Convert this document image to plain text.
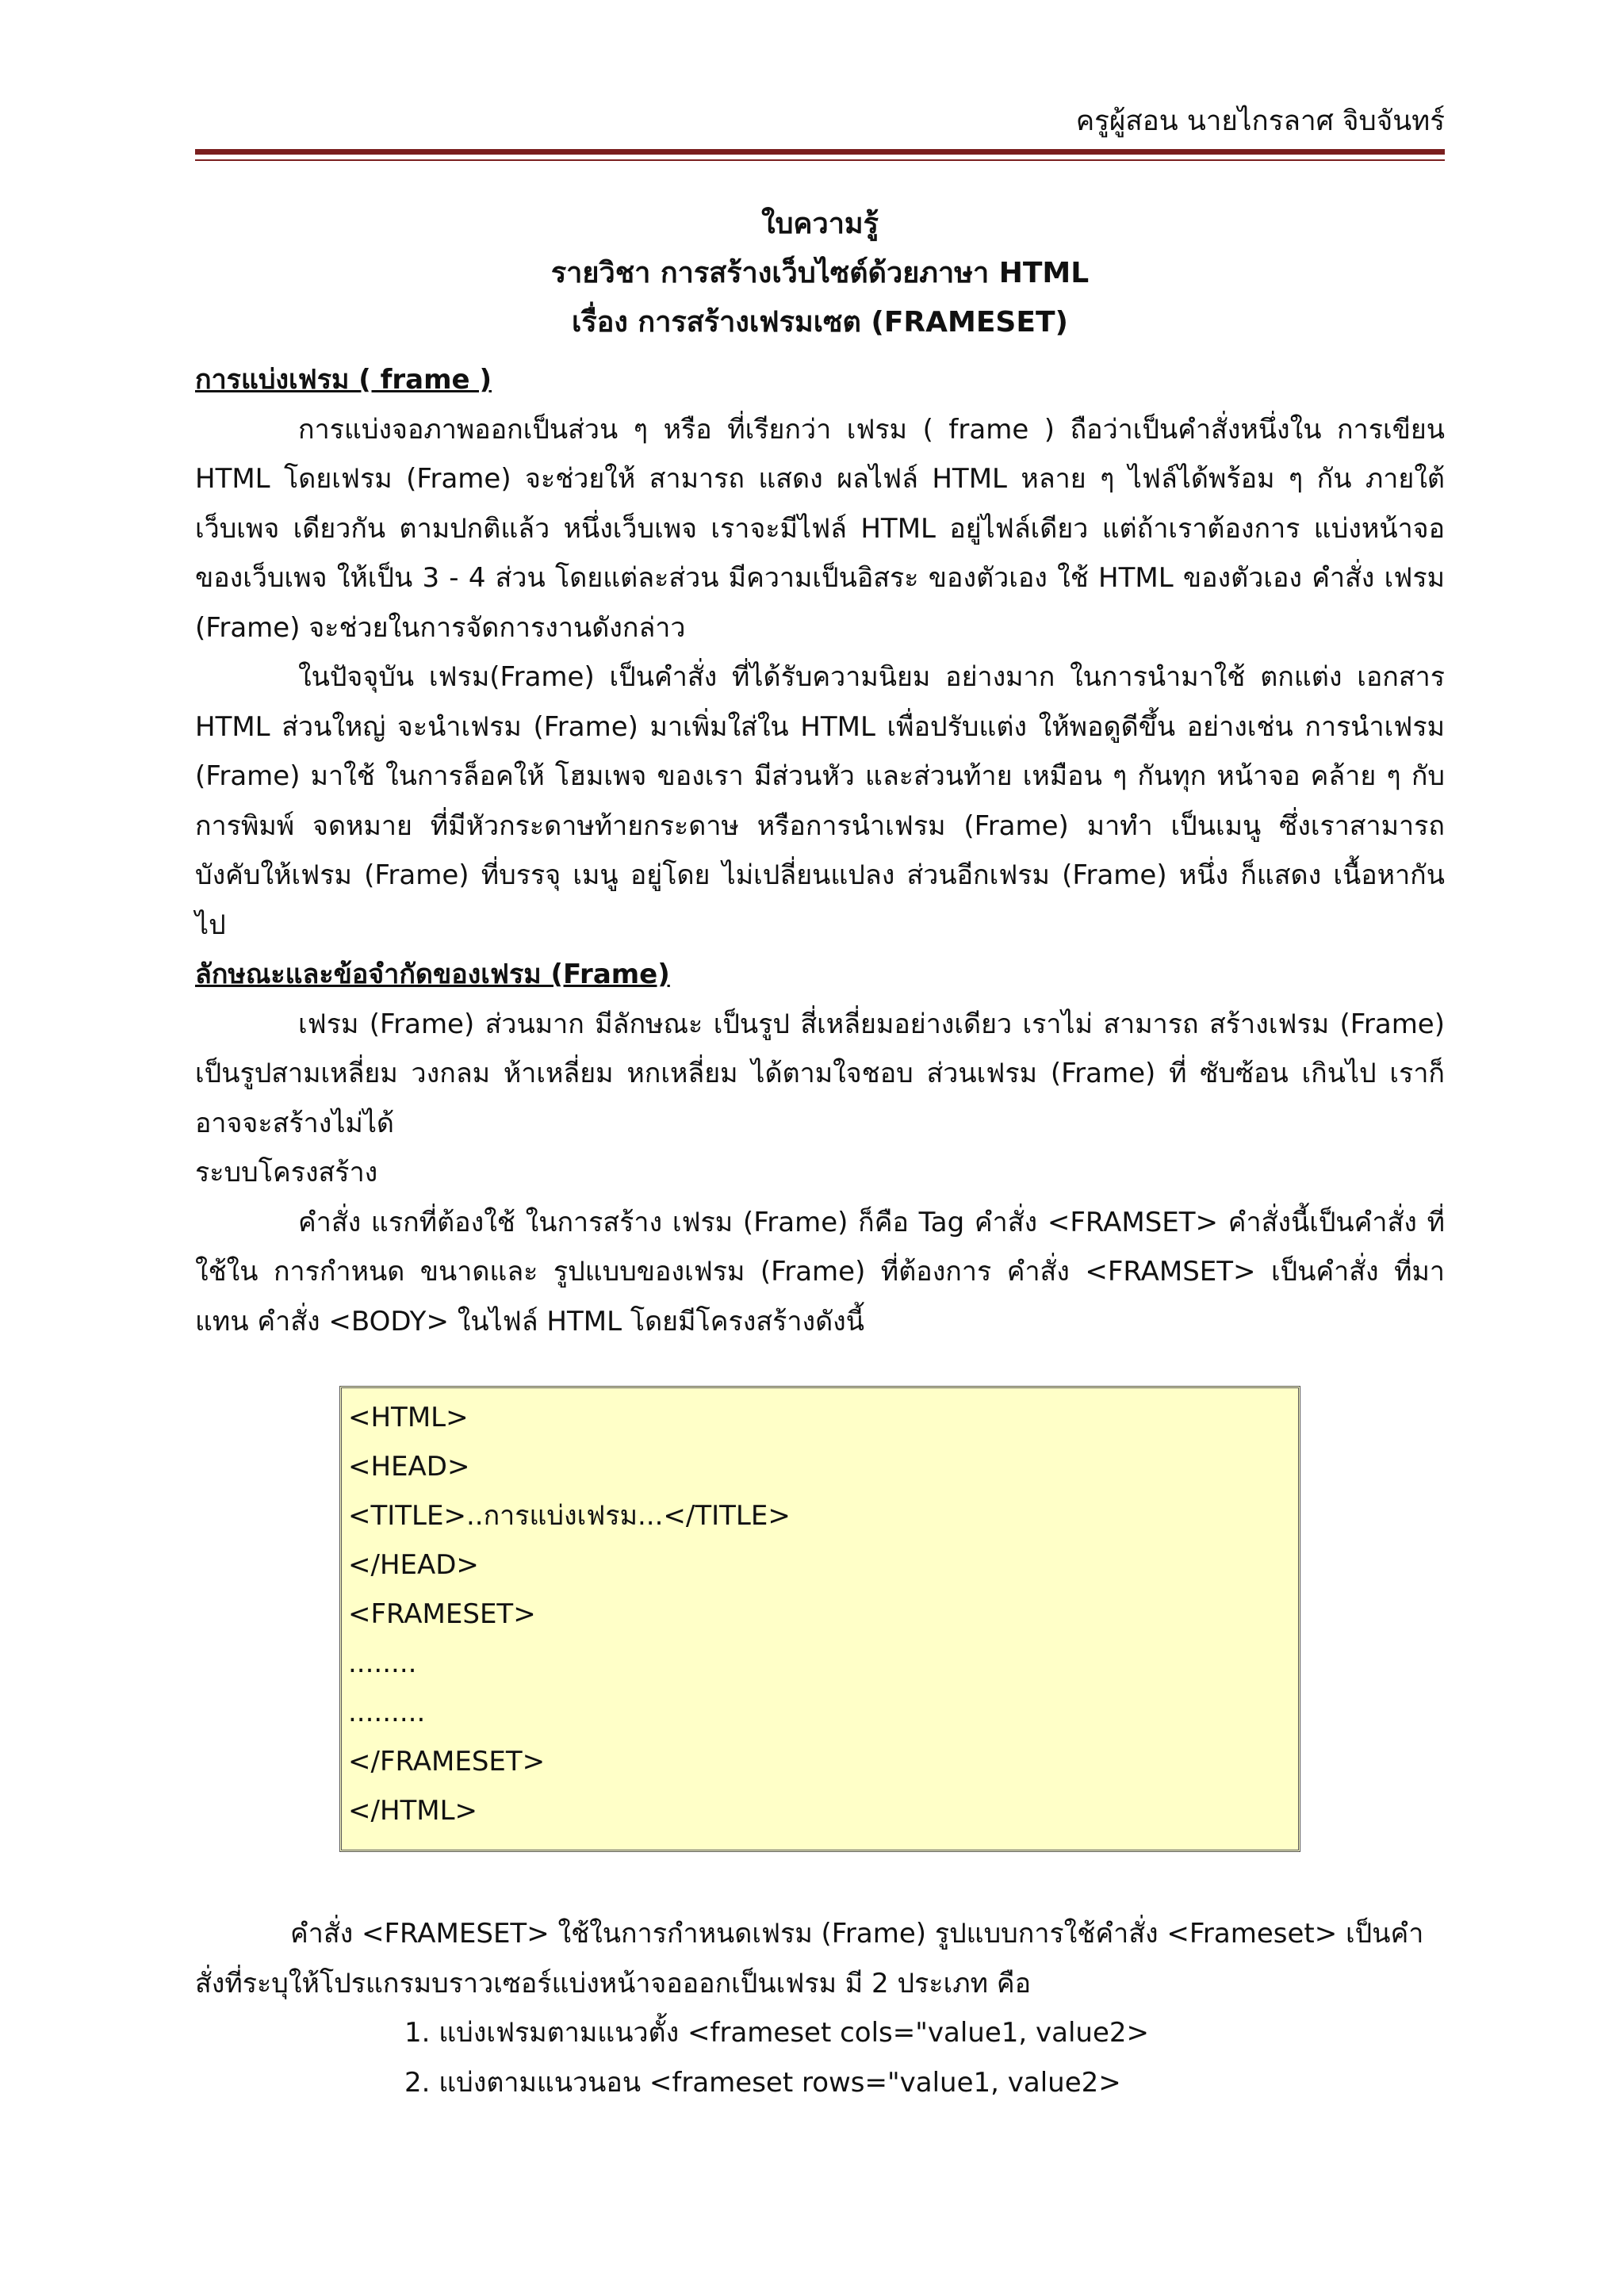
ครูผู้สอน นายไกรลาศ จิบจันทร์
ใบความรู้
รายวิชา การสร้างเว็บไซต์ด้วยภาษา HTML
เรื่อง การสร้างเฟรมเซต (FRAMESET)
การแบ่งเฟรม ( frame )

การแบ่งจอภาพออกเป็นส่วน ๆ หรือ ที่เรียกว่า เฟรม ( frame ) ถือว่าเป็นคำสั่งหนึ่งใน การเขียน HTML โดยเฟรม (Frame) จะช่วยให้ สามารถ แสดง ผลไฟล์ HTML หลาย ๆ ไฟล์ได้พร้อม ๆ กัน ภายใต้ เว็บเพจ เดียวกัน ตามปกติแล้ว หนึ่งเว็บเพจ เราจะมีไฟล์ HTML อยู่ไฟล์เดียว แต่ถ้าเราต้องการ แบ่งหน้าจอ ของเว็บเพจ ให้เป็น 3 - 4 ส่วน โดยแต่ละส่วน มีความเป็นอิสระ ของตัวเอง ใช้ HTML ของตัวเอง คำสั่ง เฟรม (Frame) จะช่วยในการจัดการงานดังกล่าว

ในปัจจุบัน เฟรม(Frame) เป็นคำสั่ง ที่ได้รับความนิยม อย่างมาก ในการนำมาใช้ ตกแต่ง เอกสาร HTML ส่วนใหญ่ จะนำเฟรม (Frame) มาเพิ่มใส่ใน HTML เพื่อปรับแต่ง ให้พอดูดีขึ้น อย่างเช่น การนำเฟรม (Frame) มาใช้ ในการล็อคให้ โฮมเพจ ของเรา มีส่วนหัว และส่วนท้าย เหมือน ๆ กันทุก หน้าจอ คล้าย ๆ กับ การพิมพ์ จดหมาย ที่มีหัวกระดาษท้ายกระดาษ หรือการนำเฟรม (Frame) มาทำ เป็นเมนู ซึ่งเราสามารถ บังคับให้เฟรม (Frame) ที่บรรจุ เมนู อยู่โดย ไม่เปลี่ยนแปลง ส่วนอีกเฟรม (Frame) หนึ่ง ก็แสดง เนื้อหากัน ไป

ลักษณะและข้อจำกัดของเฟรม (Frame)

เฟรม (Frame) ส่วนมาก มีลักษณะ เป็นรูป สี่เหลี่ยมอย่างเดียว เราไม่ สามารถ สร้างเฟรม (Frame) เป็นรูปสามเหลี่ยม วงกลม ห้าเหลี่ยม หกเหลี่ยม ได้ตามใจชอบ ส่วนเฟรม (Frame) ที่ ซับซ้อน เกินไป เราก็ อาจจะสร้างไม่ได้

ระบบโครงสร้าง

คำสั่ง แรกที่ต้องใช้ ในการสร้าง เฟรม (Frame) ก็คือ Tag คำสั่ง <FRAMSET> คำสั่งนี้เป็นคำสั่ง ที่ใช้ใน การกำหนด ขนาดและ รูปแบบของเฟรม (Frame) ที่ต้องการ คำสั่ง <FRAMSET> เป็นคำสั่ง ที่มา แทน คำสั่ง <BODY> ในไฟล์ HTML โดยมีโครงสร้างดังนี้

<HTML>
<HEAD>
<TITLE>..การแบ่งเฟรม...</TITLE>
</HEAD>
<FRAMESET>
........
.........
</FRAMESET>
</HTML>

คำสั่ง <FRAMESET> ใช้ในการกำหนดเฟรม (Frame) รูปแบบการใช้คำสั่ง <Frameset> เป็นคำสั่งที่ระบุให้โปรแกรมบราวเซอร์แบ่งหน้าจอออกเป็นเฟรม มี 2 ประเภท คือ

1. แบ่งเฟรมตามแนวตั้ง <frameset cols="value1, value2>
2. แบ่งตามแนวนอน <frameset rows="value1, value2>
